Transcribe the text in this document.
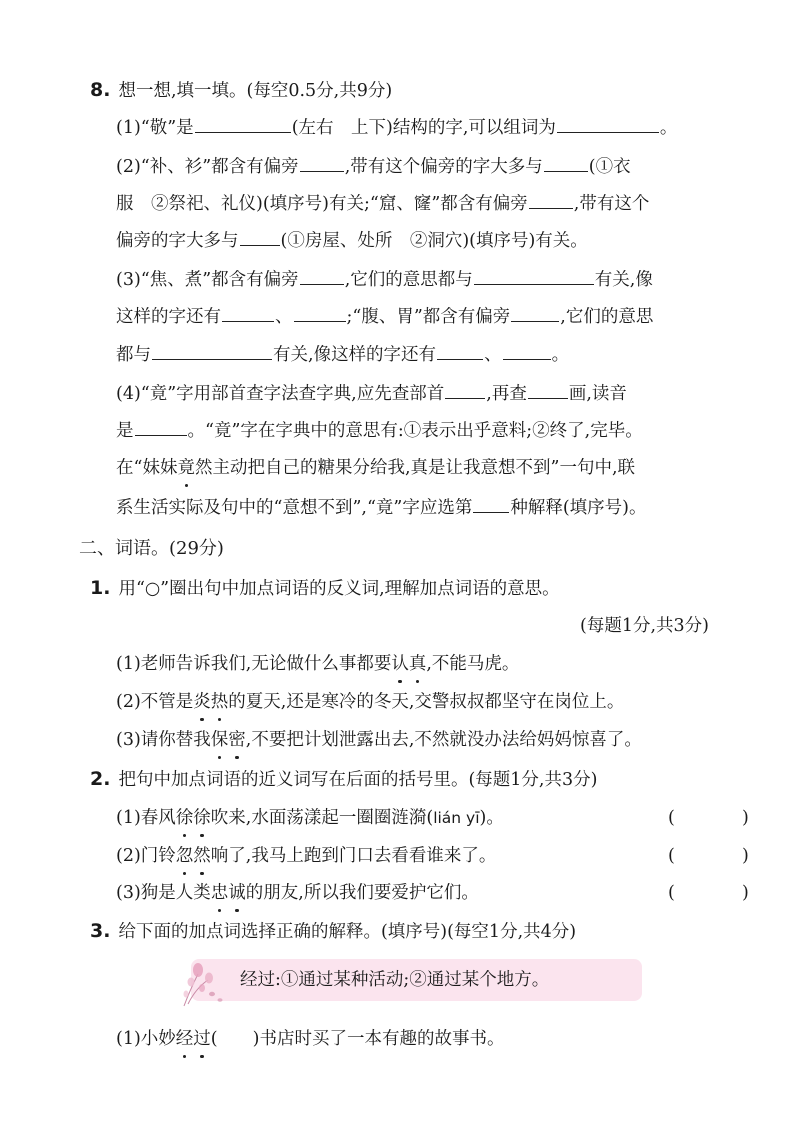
8. 想一想,填一填。(每空0.5分,共9分)
(1)“敬”是	(左右　上下)结构的字,可以组词为	。
(2)“补、衫”都含有偏旁	,带有这个偏旁的字大多与	(①衣
服　②祭祀、礼仪)(填序号)有关;“窟、窿”都含有偏旁	,带有这个
偏旁的字大多与 (①房屋、处所　②洞穴)(填序号)有关。
(3)“焦、煮”都含有偏旁	,它们的意思都与	有关,像
这样的字还有	、	;“腹、胃”都含有偏旁	,它们的意思
都与	有关,像这样的字还有	、	。
(4)“竟”字用部首查字法查字典,应先查部首 ,再查 画,读音
是	。“竟”字在字典中的意思有:①表示出乎意料;②终了,完毕。
在“妹妹竟然主动把自己的糖果分给我,真是让我意想不到”一句中,联
系生活实际及句中的“意想不到”,“竟”字应选第 种解释(填序号)。
二、词语。(29分)
1. 用“○”圈出句中加点词语的反义词,理解加点词语的意思。
(每题1分,共3分)
(1)老师告诉我们,无论做什么事都要认真,不能马虎。
(2)不管是炎热的夏天,还是寒冷的冬天,交警叔叔都坚守在岗位上。
(3)请你替我保密,不要把计划泄露出去,不然就没办法给妈妈惊喜了。
2. 把句中加点词语的近义词写在后面的括号里。(每题1分,共3分)
(1)春风徐徐吹来,水面荡漾起一圈圈涟漪(lián yī)。	(	)
(2)门铃忽然响了,我马上跑到门口去看看谁来了。	(	)
(3)狗是人类忠诚的朋友,所以我们要爱护它们。	(	)
3. 给下面的加点词选择正确的解释。(填序号)(每空1分,共4分)
经过:①通过某种活动;②通过某个地方。
(1)小妙经过(　　)书店时买了一本有趣的故事书。
